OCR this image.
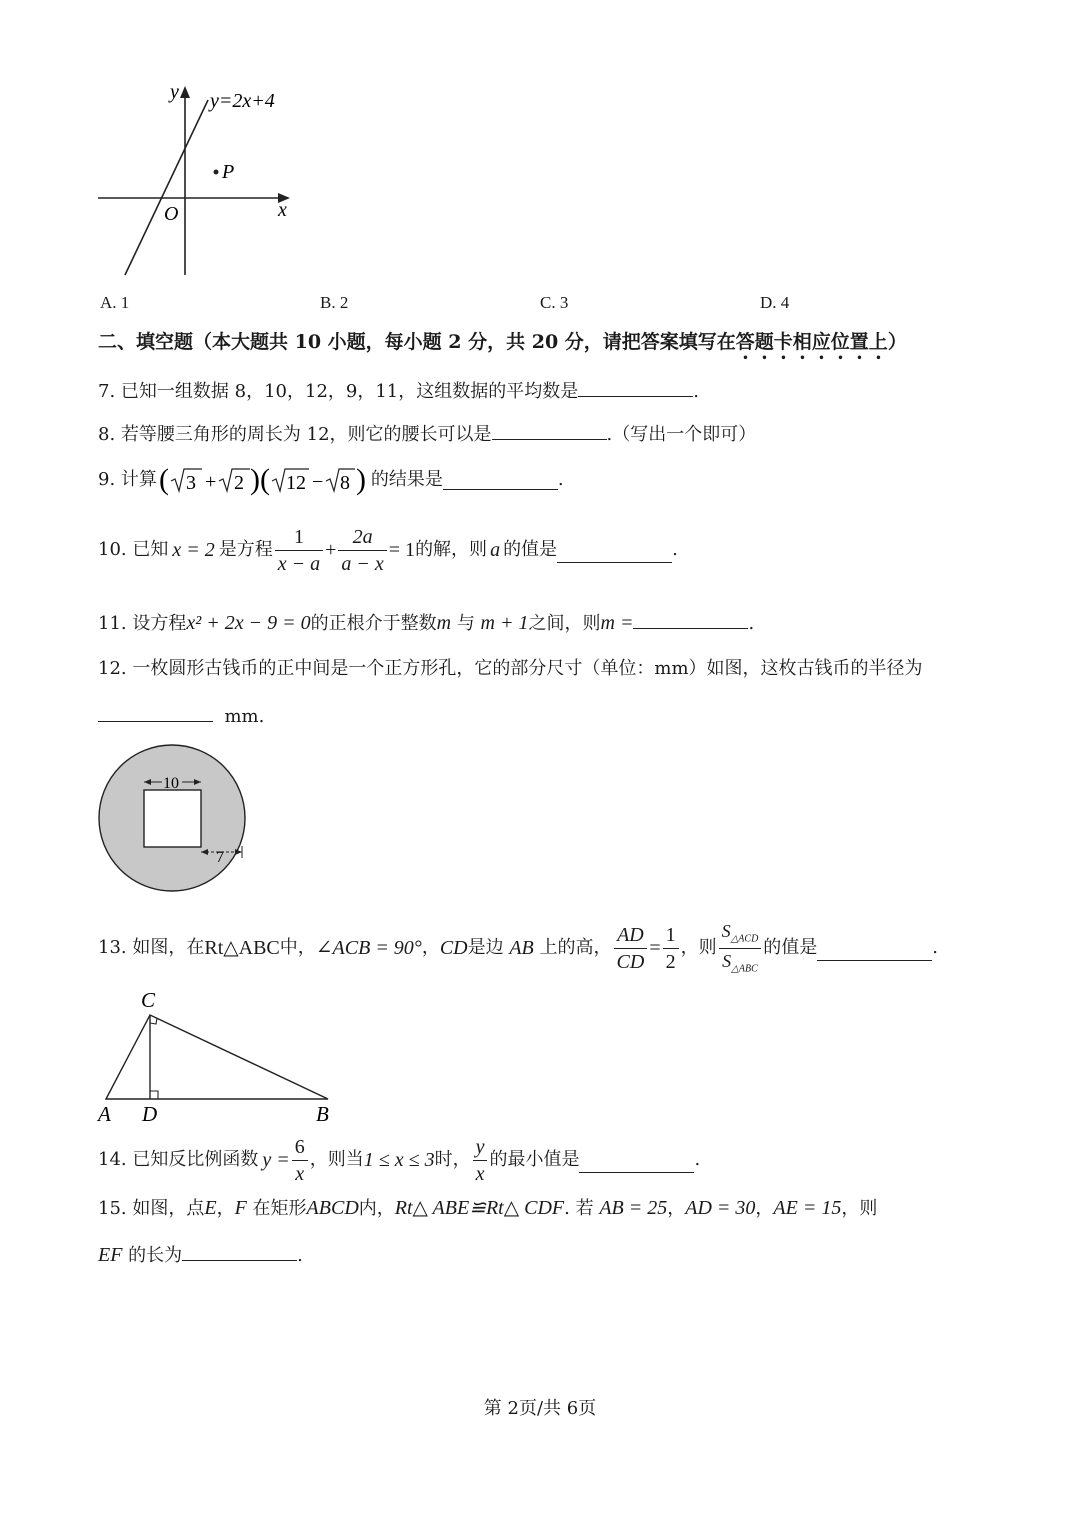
y
x
O
y=2x+4
P
A. 1	B. 2	C. 3	D. 4
二、填空题（本大题共 10 小题，每小题 2 分，共 20 分，请把答案填写在答题卡相应位置上）
7. 已知一组数据 8，10，12，9，11，这组数据的平均数是	.
8. 若等腰三角形的周长为 12，则它的腰长可以是	.（写出一个即可）
9.
计算 ( 3 + 2 ) ( 12 − 8 ) 的结果是	.
10.
已知 x = 2 是方程 $\frac{1}{x - a} + \frac{2a}{a - x} = 1$ 的解，则 a 的值是	.
11. 设方程x² + 2x − 9 = 0的正根介于整数m 与 m + 1之间，则m =	.
12. 一枚圆形古钱币的正中间是一个正方形孔，它的部分尺寸（单位：mm）如图，这枚古钱币的半径为
mm.
10
7
13.
如图，在 Rt△ABC 中， ∠ACB = 90° ， CD 是边
AB
上的高， $\frac{AD}{CD} = \frac{1}{2}$ ，则 $\frac{S_{\triangle ACD}}{S_{\triangle ABC}}$ 的值是	.
C
A D	B
14.
已知反比例函数 $y = \frac{6}{x}$ ，则当 1 ≤ x ≤ 3 时， $\frac{y}{x}$ 的最小值是	.
15. 如图，点E，F 在矩形ABCD内，Rt△ ABE≌Rt△ CDF. 若 AB = 25，AD = 30，AE = 15，则
EF 的长为	.
第 2页/共 6页
